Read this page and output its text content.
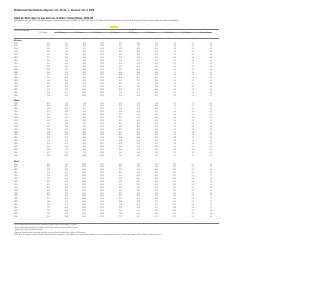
86 National Vital Statistics Reports, Vol. 49, No. 1, Revised: Vol. 3, 2000
Table 29. Birth rates by age and race of father: United States, 1940–98
[Rates are live births per 1,000 men in specified group. Population enumerated as of April 1 for 1940, 1950, 1960, 1970, 1980, and 1990 and estimated as of July 1 for all other years. Figures for age of father not stated are distributed]
Year and race of father
15–54 years
Age of father
15–19 years	20–24 years	25–29 years	30–34 years	35–39 years	40–44 years	45–49 years	50–54 years	55 years and over
All races
1998	49.3	21.2	85.3	113.1	97.3	48.9	17.2	6.9	2.5	0.6
1997	49.6	21.3	86.1	113.0	95.1	47.7	16.9	6.8	2.4	0.6
1996	50.0	22.5	87.1	113.6	93.2	46.3	16.2	6.5	2.3	0.6
1995	50.8	23.1	87.8	114.2	92.3	45.4	16.0	6.4	2.3	0.6
1994	51.7	23.8	89.4	115.5	91.8	44.3	15.8	6.3	2.4	0.6
1993	52.7	24.0	91.4	117.2	91.2	43.9	15.7	6.2	2.4	0.6
1992	54.3	24.5	93.6	119.9	91.0	43.0	15.5	6.2	2.3	0.6
1991	55.6	25.0	95.8	121.2	90.4	42.4	15.1	6.1	2.3	0.6
1990	57.3	24.4	98.2	123.4	91.2	42.6	15.0	6.1	2.3	0.6
1989	56.8	23.2	97.8	122.0	89.2	40.5	14.7	5.9	2.4	0.6
1988	55.4	21.5	96.6	121.2	86.4	38.8	14.0	5.7	2.3	0.6
1987	54.7	20.9	96.6	121.1	84.8	37.5	13.7	5.6	2.3	0.6
1986	54.1	20.8	96.0	121.8	84.0	36.2	13.5	5.5	2.2	0.6
1985	54.4	20.6	97.3	123.2	84.1	35.7	13.6	5.5	2.2	0.6
1984	53.7	20.4	97.4	122.2	83.3	34.6	13.5	5.5	2.2	0.6
1983	54.1	21.1	99.4	124.3	81.5	33.5	13.4	5.6	2.3	0.6
1982	55.2	21.4	102.2	126.3	80.9	32.9	13.3	5.6	2.3	0.6
1981	55.4	21.1	103.4	128.2	79.6	32.3	13.2	5.6	2.3	0.6
1980	57.0	22.6	108.0	131.7	79.5	32.6	13.5	5.8	2.5	0.7
White
1998	46.2	17.6	79.0	112.4	97.2	47.2	16.0	6.1	2.1	0.5
1997	46.6	17.8	79.9	112.4	95.3	45.9	15.6	5.9	2.1	0.5
1996	47.0	18.5	80.5	112.7	93.3	44.6	15.0	5.7	2.0	0.5
1995	47.7	18.9	81.0	112.9	92.0	43.4	14.7	5.6	2.0	0.5
1994	48.4	19.2	82.2	113.8	91.1	42.1	14.5	5.5	2.0	0.5
1993	49.2	19.3	83.9	115.2	90.5	41.6	14.3	5.4	2.0	0.5
1992	50.5	19.4	85.9	117.6	90.2	40.7	14.1	5.4	2.0	0.5
1991	51.6	19.6	87.7	118.9	89.7	40.1	13.8	5.3	2.0	0.5
1990	53.1	19.0	90.0	121.1	90.6	40.2	13.7	5.3	2.0	0.5
1989	52.4	17.9	89.4	119.4	88.3	38.2	13.4	5.2	2.0	0.5
1988	51.3	16.5	88.5	118.6	85.6	36.6	12.8	5.0	2.0	0.5
1987	50.8	16.1	88.8	118.8	84.1	35.5	12.6	4.9	2.0	0.5
1986	50.5	16.2	88.7	119.8	83.4	34.4	12.4	4.8	1.9	0.5
1985	51.0	16.2	90.4	121.5	83.6	34.0	12.5	4.8	1.9	0.5
1984	50.4	16.1	90.8	120.7	82.8	33.0	12.4	4.8	1.9	0.5
1983	50.8	16.8	92.9	122.8	81.0	32.0	12.3	4.9	2.0	0.5
1982	52.0	17.3	95.9	125.0	80.4	31.4	12.2	4.9	2.0	0.5
1981	52.2	17.0	97.3	126.9	79.0	30.8	12.1	4.9	2.0	0.5
1980	53.8	18.2	101.8	130.4	78.9	31.0	12.4	5.1	2.1	0.6
Black
1998	68.6	47.5	134.8	121.7	93.6	55.9	25.2	12.2	5.4	1.6
1997	68.0	46.7	135.2	120.1	89.5	54.6	25.3	12.4	5.4	1.6
1996	68.3	48.9	137.6	119.9	87.3	53.1	24.5	12.1	5.3	1.6
1995	70.5	51.1	141.8	122.5	88.3	53.6	24.8	12.4	5.5	1.6
1994	73.9	54.7	148.2	126.1	91.2	54.0	25.3	12.7	5.7	1.7
1993	77.2	56.6	154.0	130.6	91.8	54.3	25.7	12.9	5.8	1.8
1992	80.3	58.9	157.8	134.3	92.9	54.5	25.9	13.1	5.9	1.8
1991	82.9	60.2	161.1	135.9	92.1	53.7	25.3	12.9	5.9	1.8
1990	85.8	59.4	162.5	138.0	94.0	54.8	25.4	13.0	6.0	1.9
1989	84.1	56.5	160.5	135.4	91.4	52.5	24.8	12.5	5.9	1.9
1988	80.9	52.7	154.7	131.5	87.5	50.1	23.9	12.1	5.7	1.8
1987	78.2	51.1	148.8	128.4	84.2	47.5	23.2	11.8	5.6	1.7
1986	75.7	50.2	142.6	125.2	81.7	45.3	22.6	11.6	5.5	1.7
1985	74.9	49.0	140.4	124.3	80.6	43.8	22.7	11.7	5.5	1.7
1984	73.0	47.2	136.8	121.0	79.3	42.3	22.1	11.5	5.4	1.7
1983	73.2	48.2	136.5	120.5	78.5	41.6	22.4	11.8	5.6	1.7
1982	73.9	48.0	137.5	120.6	78.6	41.1	22.5	12.0	5.7	1.8
1981	73.7	47.4	137.1	120.8	77.8	41.0	22.5	12.1	5.8	1.8
1980	75.3	49.8	140.8	121.5	77.7	41.7	23.1	12.7	6.1	1.9
¹ Rates computed by relating total births, regardless of age of father, to men aged 15–54 years.
² Rates computed by relating births of fathers aged 55 years and over to men aged 55–64 years.
³ Includes races other than white and black.
⁴ Based on fathers of births in reporting areas only; rates for all races include births to fathers of other races.
NOTE: Race and Hispanic origin are reported separately on birth certificates. In this table all races include births to fathers of races not elsewhere specified; see Technical notes. Figures for the 1990s are subject to revision.
